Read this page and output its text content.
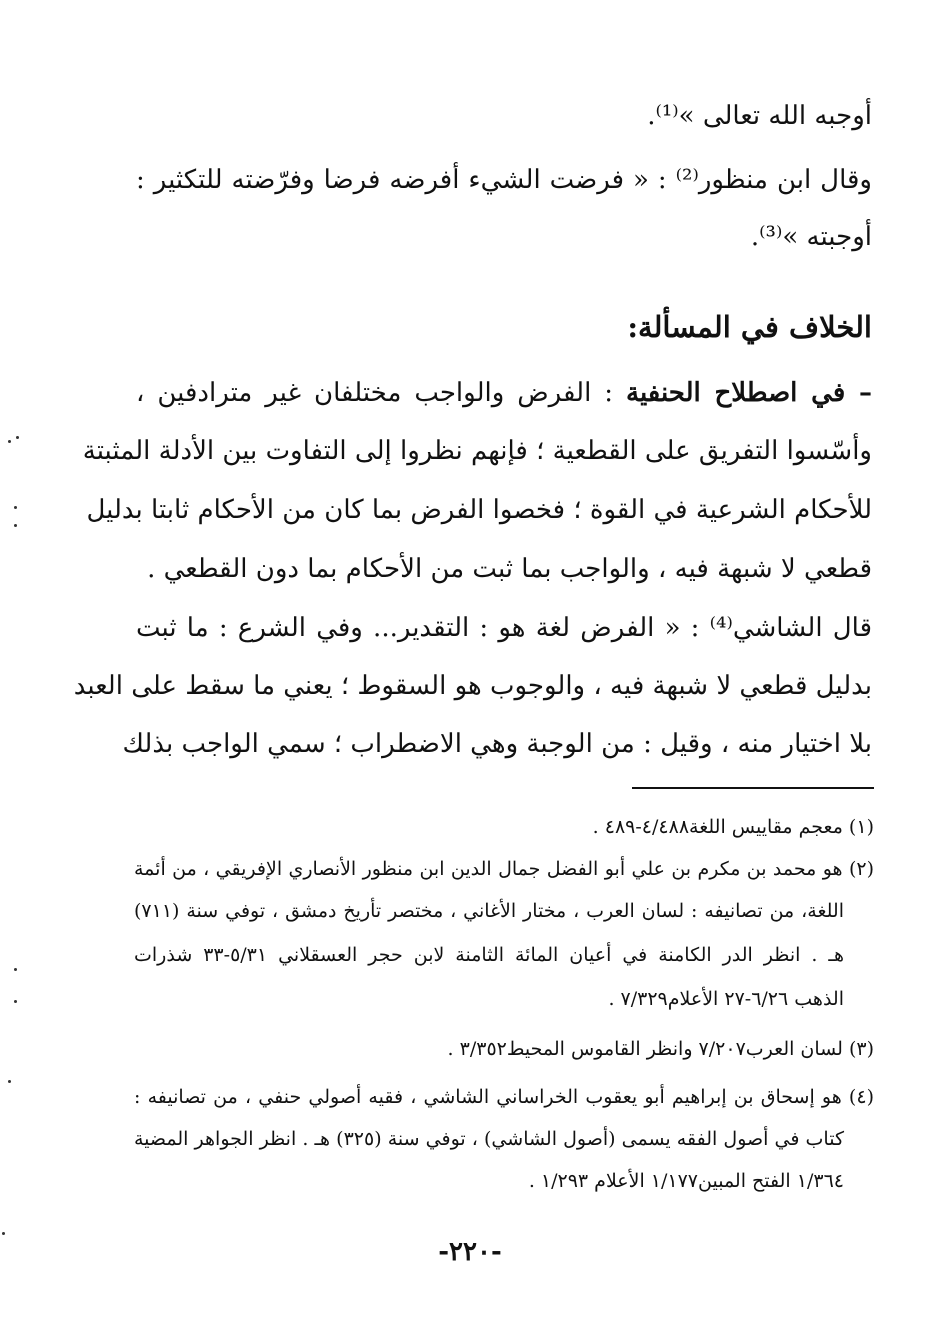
أوجبه الله تعالى »⁽¹⁾.
وقال ابن منظور⁽²⁾ : « فرضت الشيء أفرضه فرضا وفرّضته للتكثير :
أوجبته »⁽³⁾.
الخلاف في المسألة:
– في اصطلاح الحنفية : الفرض والواجب مختلفان غير مترادفين ،
وأسّسوا التفريق على القطعية ؛ فإنهم نظروا إلى التفاوت بين الأدلة المثبتة
للأحكام الشرعية في القوة ؛ فخصوا الفرض بما كان من الأحكام ثابتا بدليل
قطعي لا شبهة فيه ، والواجب بما ثبت من الأحكام بما دون القطعي .
قال الشاشي⁽⁴⁾ : « الفرض لغة هو : التقدير... وفي الشرع : ما ثبت
بدليل قطعي لا شبهة فيه ، والوجوب هو السقوط ؛ يعني ما سقط على العبد
بلا اختيار منه ، وقيل : من الوجبة وهي الاضطراب ؛ سمي الواجب بذلك
(١) معجم مقاييس اللغة٤/٤٨٨-٤٨٩ .
(٢) هو محمد بن مكرم بن علي أبو الفضل جمال الدين ابن منظور الأنصاري الإفريقي ، من أئمة
اللغة، من تصانيفه : لسان العرب ، مختار الأغاني ، مختصر تأريخ دمشق ، توفي سنة (٧١١)
هـ . انظر الدر الكامنة في أعيان المائة الثامنة لابن حجر العسقلاني ٥/٣١-٣٣ شذرات
الذهب ٦/٢٦-٢٧ الأعلام٧/٣٢٩ .
(٣) لسان العرب٧/٢٠٧ وانظر القاموس المحيط٣/٣٥٢ .
(٤) هو إسحاق بن إبراهيم أبو يعقوب الخراساني الشاشي ، فقيه أصولي حنفي ، من تصانيفه :
كتاب في أصول الفقه يسمى (أصول الشاشي) ، توفي سنة (٣٢٥) هـ . انظر الجواهر المضية
١/٣٦٤ الفتح المبين١/١٧٧ الأعلام ١/٢٩٣ .
-٢٢٠-
